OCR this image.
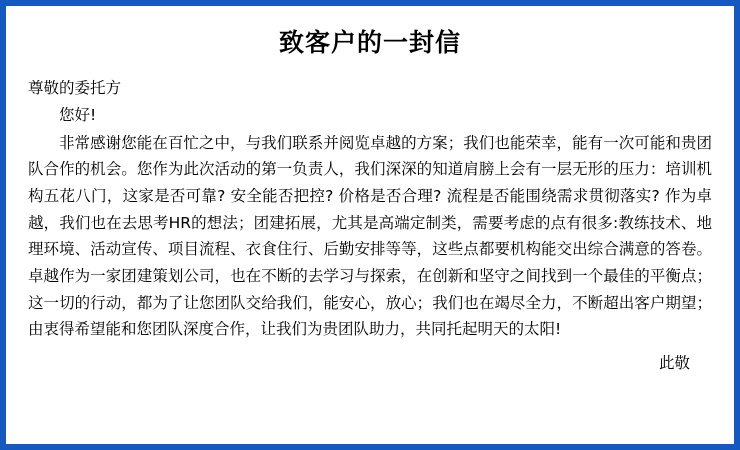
致客户的一封信
尊敬的委托方
您好!

非常感谢您能在百忙之中，与我们联系并阅览卓越的方案；我们也能荣幸，能有一次可能和贵团队合作的机会。您作为此次活动的第一负责人，我们深深的知道肩膀上会有一层无形的压力：培训机构五花八门，这家是否可靠? 安全能否把控? 价格是否合理? 流程是否能围绕需求贯彻落实? 作为卓越，我们也在去思考HR的想法；团建拓展，尤其是高端定制类，需要考虑的点有很多:教练技术、地理环境、活动宣传、项目流程、衣食住行、后勤安排等等，这些点都要机构能交出综合满意的答卷。卓越作为一家团建策划公司，也在不断的去学习与探索，在创新和坚守之间找到一个最佳的平衡点；这一切的行动，都为了让您团队交给我们，能安心，放心；我们也在竭尽全力，不断超出客户期望；由衷得希望能和您团队深度合作，让我们为贵团队助力，共同托起明天的太阳!

此敬
